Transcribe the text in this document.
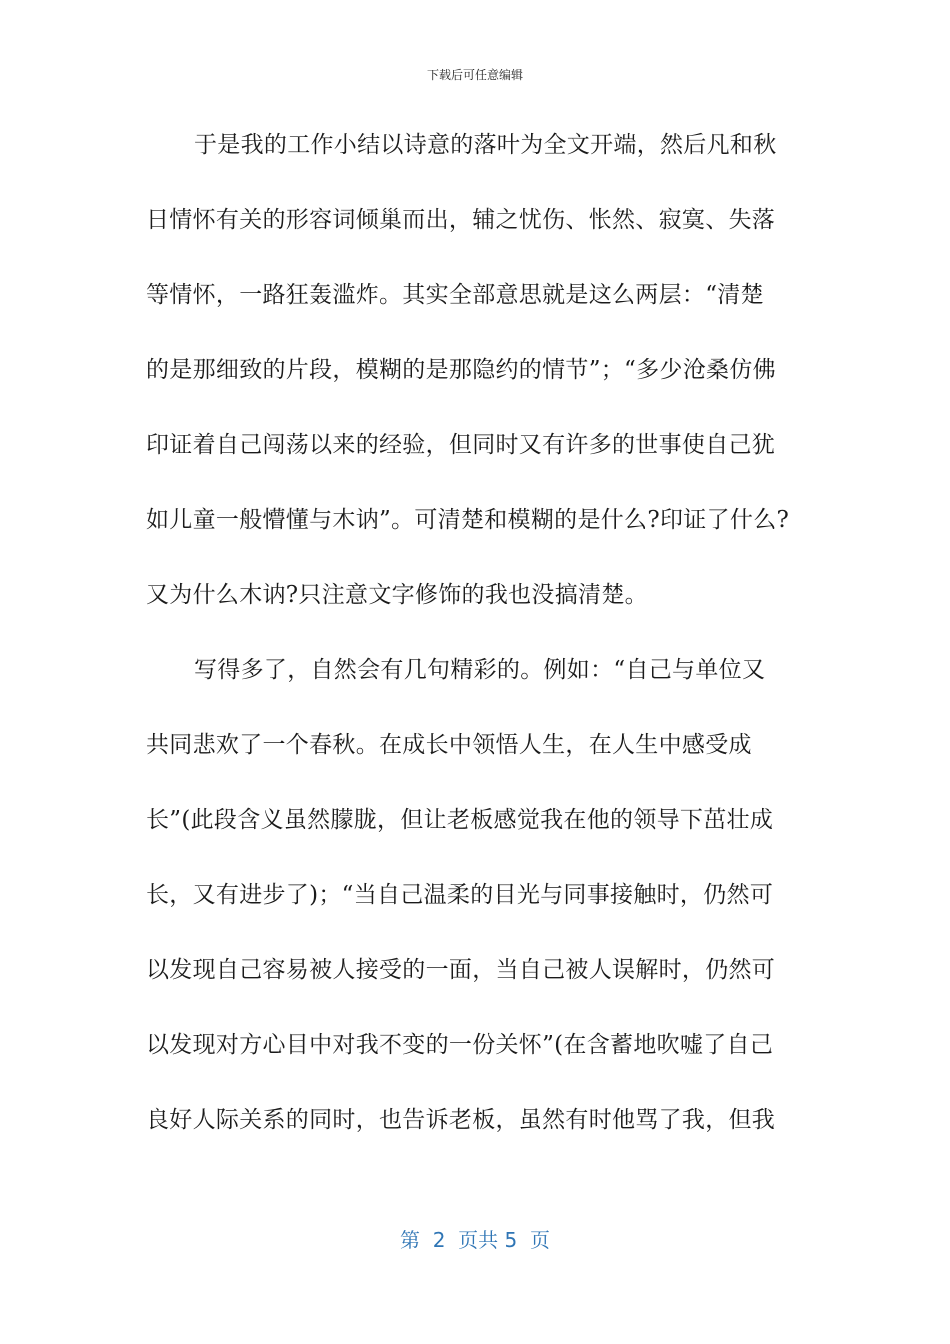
下载后可任意编辑
于是我的工作小结以诗意的落叶为全文开端，然后凡和秋
日情怀有关的形容词倾巢而出，辅之忧伤、怅然、寂寞、失落
等情怀，一路狂轰滥炸。其实全部意思就是这么两层：“清楚
的是那细致的片段，模糊的是那隐约的情节”；“多少沧桑仿佛
印证着自己闯荡以来的经验，但同时又有许多的世事使自己犹
如儿童一般懵懂与木讷”。可清楚和模糊的是什么?印证了什么?
又为什么木讷?只注意文字修饰的我也没搞清楚。
写得多了，自然会有几句精彩的。例如：“自己与单位又
共同悲欢了一个春秋。在成长中领悟人生，在人生中感受成
长”(此段含义虽然朦胧，但让老板感觉我在他的领导下茁壮成
长，又有进步了)；“当自己温柔的目光与同事接触时，仍然可
以发现自己容易被人接受的一面，当自己被人误解时，仍然可
以发现对方心目中对我不变的一份关怀”(在含蓄地吹嘘了自己
良好人际关系的同时，也告诉老板，虽然有时他骂了我，但我
第  2  页共 5  页
